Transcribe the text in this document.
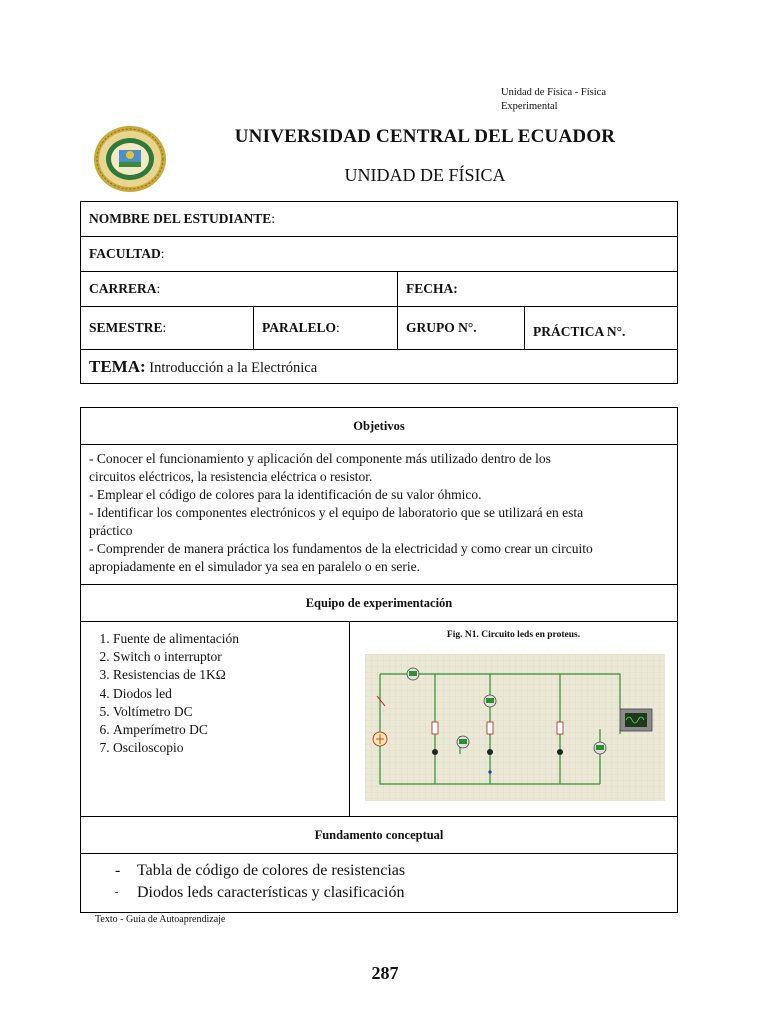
Unidad de Física - Física
Experimental
UNIVERSIDAD CENTRAL DEL ECUADOR
UNIDAD DE FÍSICA
NOMBRE DEL ESTUDIANTE:			
FACULTAD:			
CARRERA:		FECHA:	
SEMESTRE:	PARALELO:	GRUPO N°.	PRÁCTICA N°.
TEMA: Introducción a la Electrónica			
Objetivos

- Conocer el funcionamiento y aplicación del componente más utilizado dentro de los
circuitos eléctricos, la resistencia eléctrica o resistor.
- Emplear el código de colores para la identificación de su valor óhmico.
- Identificar los componentes electrónicos y el equipo de laboratorio que se utilizará en esta
práctico
- Comprender de manera práctica los fundamentos de la electricidad y como crear un circuito
apropiadamente en el simulador ya sea en paralelo o en serie.

Equipo de experimentación

1. Fuente de alimentación
2. Switch o interruptor
3. Resistencias de 1KΩ
4. Diodos led
5. Voltímetro DC
6. Amperímetro DC
7. Osciloscopio

Fig. N1. Circuito leds en proteus.

Fundamento conceptual

-	Tabla de código de colores de resistencias
-	Diodos leds características y clasificación
Texto - Guía de Autoaprendizaje
287
